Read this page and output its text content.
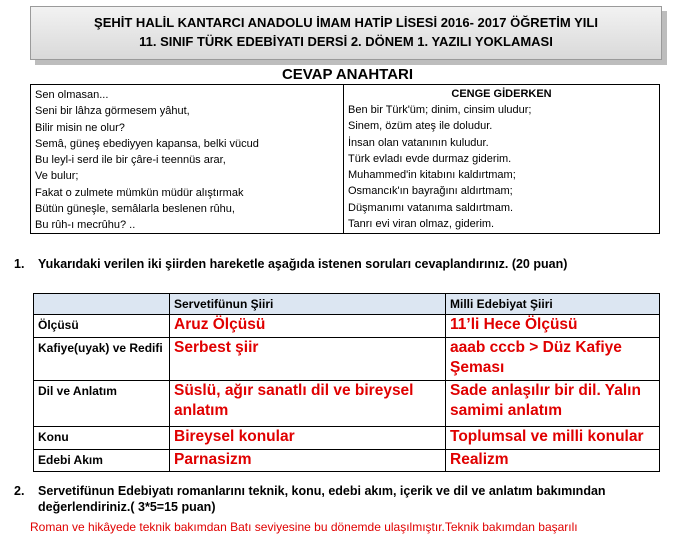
ŞEHİT HALİL KANTARCI ANADOLU İMAM HATİP LİSESİ 2016- 2017 ÖĞRETİM YILI
11. SINIF TÜRK EDEBİYATI DERSİ 2. DÖNEM 1. YAZILI YOKLAMASI
CEVAP ANAHTARI
Sen olmasan...
Seni bir lâhza görmesem yâhut,
Bilir misin ne olur?
Semâ, güneş ebediyyen kapansa, belki vücud
Bu leyl-i serd ile bir çâre-i teennüs arar,
Ve bulur;
Fakat o zulmete mümkün müdür alıştırmak
Bütün güneşle, semâlarla beslenen rûhu,
Bu rûh-ı mecrûhu? ..
CENGE GİDERKEN
Ben bir Türk'üm; dinim, cinsim uludur;
Sinem, özüm ateş ile doludur.
İnsan olan vatanının kuludur.
Türk evladı evde durmaz giderim.
Muhammed'in kitabını kaldırtmam;
Osmancık'ın bayrağını aldırtmam;
Düşmanımı vatanıma saldırtmam.
Tanrı evi viran olmaz, giderim.
1. Yukarıdaki verilen iki şiirden hareketle aşağıda istenen soruları cevaplandırınız. (20 puan)
	Servetifünun Şiiri	Milli Edebiyat Şiiri
Ölçüsü	Aruz Ölçüsü	11’li Hece Ölçüsü
Kafiye(uyak) ve Redifi	Serbest şiir	aaab cccb > Düz Kafiye Şeması
Dil ve Anlatım	Süslü, ağır sanatlı dil ve bireysel anlatım	Sade anlaşılır bir dil. Yalın samimi anlatım
Konu	Bireysel konular	Toplumsal ve milli konular
Edebi Akım	Parnasizm	Realizm
2. Servetifünun Edebiyatı romanlarını teknik, konu, edebi akım, içerik ve dil ve anlatım bakımından
değerlendiriniz.( 3*5=15 puan)
Roman ve hikâyede teknik bakımdan Batı seviyesine bu dönemde ulaşılmıştır.Teknik bakımdan başarılı
